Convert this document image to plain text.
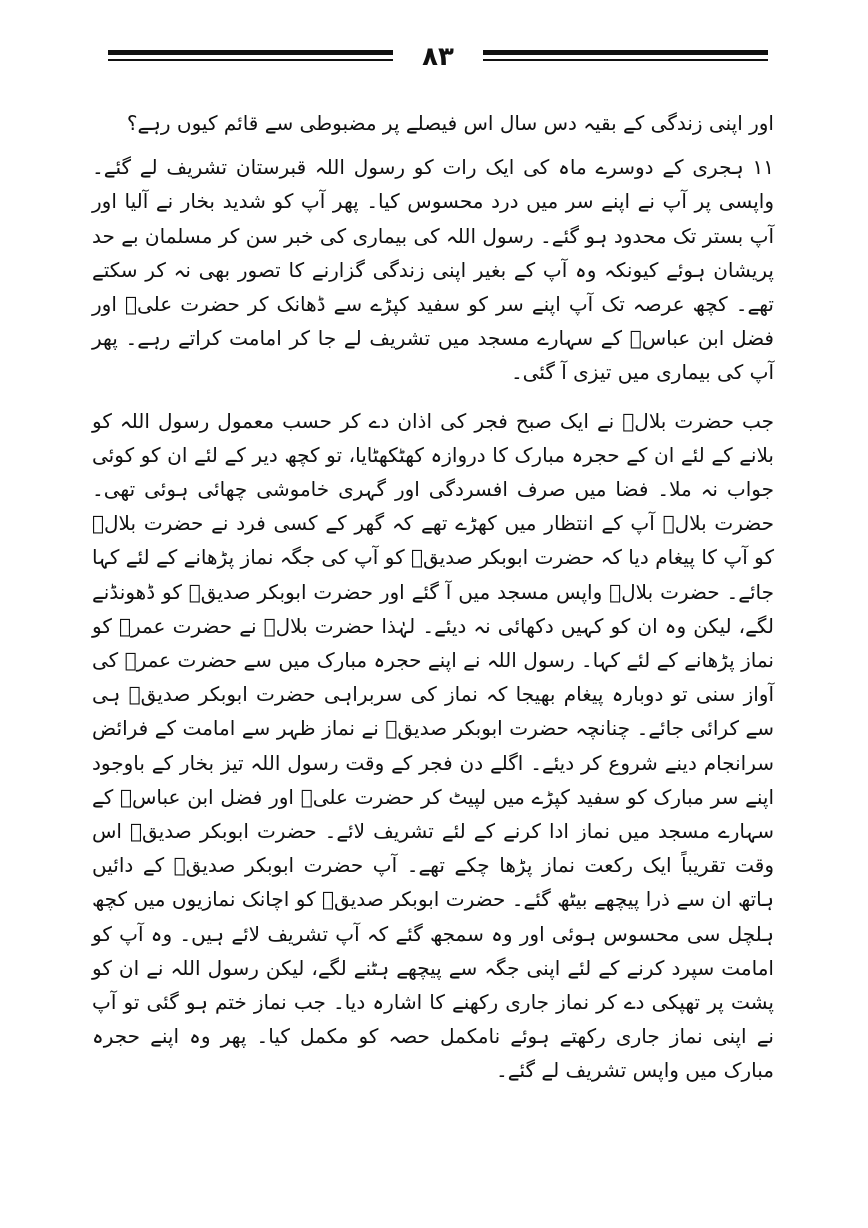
۸۳

اور اپنی زندگی کے بقیہ دس سال اس فیصلے پر مضبوطی سے قائم کیوں رہے؟

۱۱ ہجری کے دوسرے ماہ کی ایک رات کو رسول اللہ قبرستان تشریف لے گئے۔ واپسی پر آپ نے اپنے سر میں درد محسوس کیا۔ پھر آپ کو شدید بخار نے آلیا اور آپ بستر تک محدود ہو گئے۔ رسول اللہ کی بیماری کی خبر سن کر مسلمان بے حد پریشان ہوئے کیونکہ وہ آپ کے بغیر اپنی زندگی گزارنے کا تصور بھی نہ کر سکتے تھے۔ کچھ عرصہ تک آپ اپنے سر کو سفید کپڑے سے ڈھانک کر حضرت علیؓ اور فضل ابن عباسؓ کے سہارے مسجد میں تشریف لے جا کر امامت کراتے رہے۔ پھر آپ کی بیماری میں تیزی آ گئی۔

جب حضرت بلالؓ نے ایک صبح فجر کی اذان دے کر حسب معمول رسول اللہ کو بلانے کے لئے ان کے حجرہ مبارک کا دروازہ کھٹکھٹایا، تو کچھ دیر کے لئے ان کو کوئی جواب نہ ملا۔ فضا میں صرف افسردگی اور گہری خاموشی چھائی ہوئی تھی۔ حضرت بلالؓ آپ کے انتظار میں کھڑے تھے کہ گھر کے کسی فرد نے حضرت بلالؓ کو آپ کا پیغام دیا کہ حضرت ابوبکر صدیقؓ کو آپ کی جگہ نماز پڑھانے کے لئے کہا جائے۔ حضرت بلالؓ واپس مسجد میں آ گئے اور حضرت ابوبکر صدیقؓ کو ڈھونڈنے لگے، لیکن وہ ان کو کہیں دکھائی نہ دیئے۔ لہٰذا حضرت بلالؓ نے حضرت عمرؓ کو نماز پڑھانے کے لئے کہا۔ رسول اللہ نے اپنے حجرہ مبارک میں سے حضرت عمرؓ کی آواز سنی تو دوبارہ پیغام بھیجا کہ نماز کی سربراہی حضرت ابوبکر صدیقؓ ہی سے کرائی جائے۔ چنانچہ حضرت ابوبکر صدیقؓ نے نماز ظہر سے امامت کے فرائض سرانجام دینے شروع کر دیئے۔ اگلے دن فجر کے وقت رسول اللہ تیز بخار کے باوجود اپنے سر مبارک کو سفید کپڑے میں لپیٹ کر حضرت علیؓ اور فضل ابن عباسؓ کے سہارے مسجد میں نماز ادا کرنے کے لئے تشریف لائے۔ حضرت ابوبکر صدیقؓ اس وقت تقریباً ایک رکعت نماز پڑھا چکے تھے۔ آپ حضرت ابوبکر صدیقؓ کے دائیں ہاتھ ان سے ذرا پیچھے بیٹھ گئے۔ حضرت ابوبکر صدیقؓ کو اچانک نمازیوں میں کچھ ہلچل سی محسوس ہوئی اور وہ سمجھ گئے کہ آپ تشریف لائے ہیں۔ وہ آپ کو امامت سپرد کرنے کے لئے اپنی جگہ سے پیچھے ہٹنے لگے، لیکن رسول اللہ نے ان کو پشت پر تھپکی دے کر نماز جاری رکھنے کا اشارہ دیا۔ جب نماز ختم ہو گئی تو آپ نے اپنی نماز جاری رکھتے ہوئے نامکمل حصہ کو مکمل کیا۔ پھر وہ اپنے حجرہ مبارک میں واپس تشریف لے گئے۔
